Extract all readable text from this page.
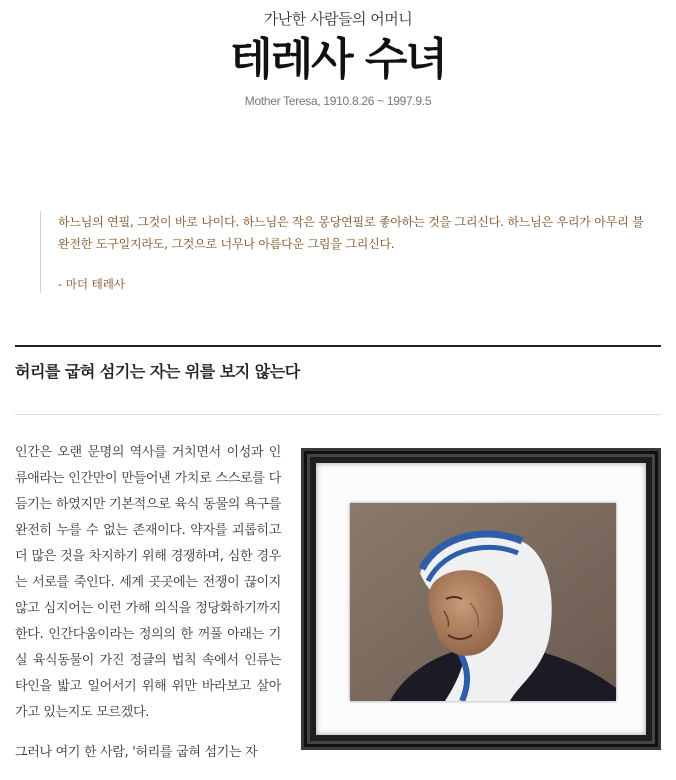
가난한 사람들의 어머니
테레사 수녀
Mother Teresa, 1910.8.26 ~ 1997.9.5

하느님의 연필, 그것이 바로 나이다. 하느님은 작은 몽당연필로 좋아하는 것을 그리신다. 하느님은 우리가 아무리 불완전한 도구일지라도, 그것으로 너무나 아름다운 그림을 그리신다.

- 마더 테레사
허리를 굽혀 섬기는 자는 위를 보지 않는다

인간은 오랜 문명의 역사를 거치면서 이성과 인류애라는 인간만이 만들어낸 가치로 스스로를 다듬기는 하였지만 기본적으로 육식 동물의 욕구를 완전히 누를 수 없는 존재이다. 약자를 괴롭히고 더 많은 것을 차지하기 위해 경쟁하며, 심한 경우는 서로를 죽인다. 세계 곳곳에는 전쟁이 끊이지 않고 심지어는 이런 가해 의식을 정당화하기까지 한다. 인간다움이라는 정의의 한 꺼풀 아래는 기실 육식동물이 가진 정글의 법칙 속에서 인류는 타인을 밟고 일어서기 위해 위만 바라보고 살아가고 있는지도 모르겠다.

그러나 여기 한 사람, '허리를 굽혀 섬기는 자
